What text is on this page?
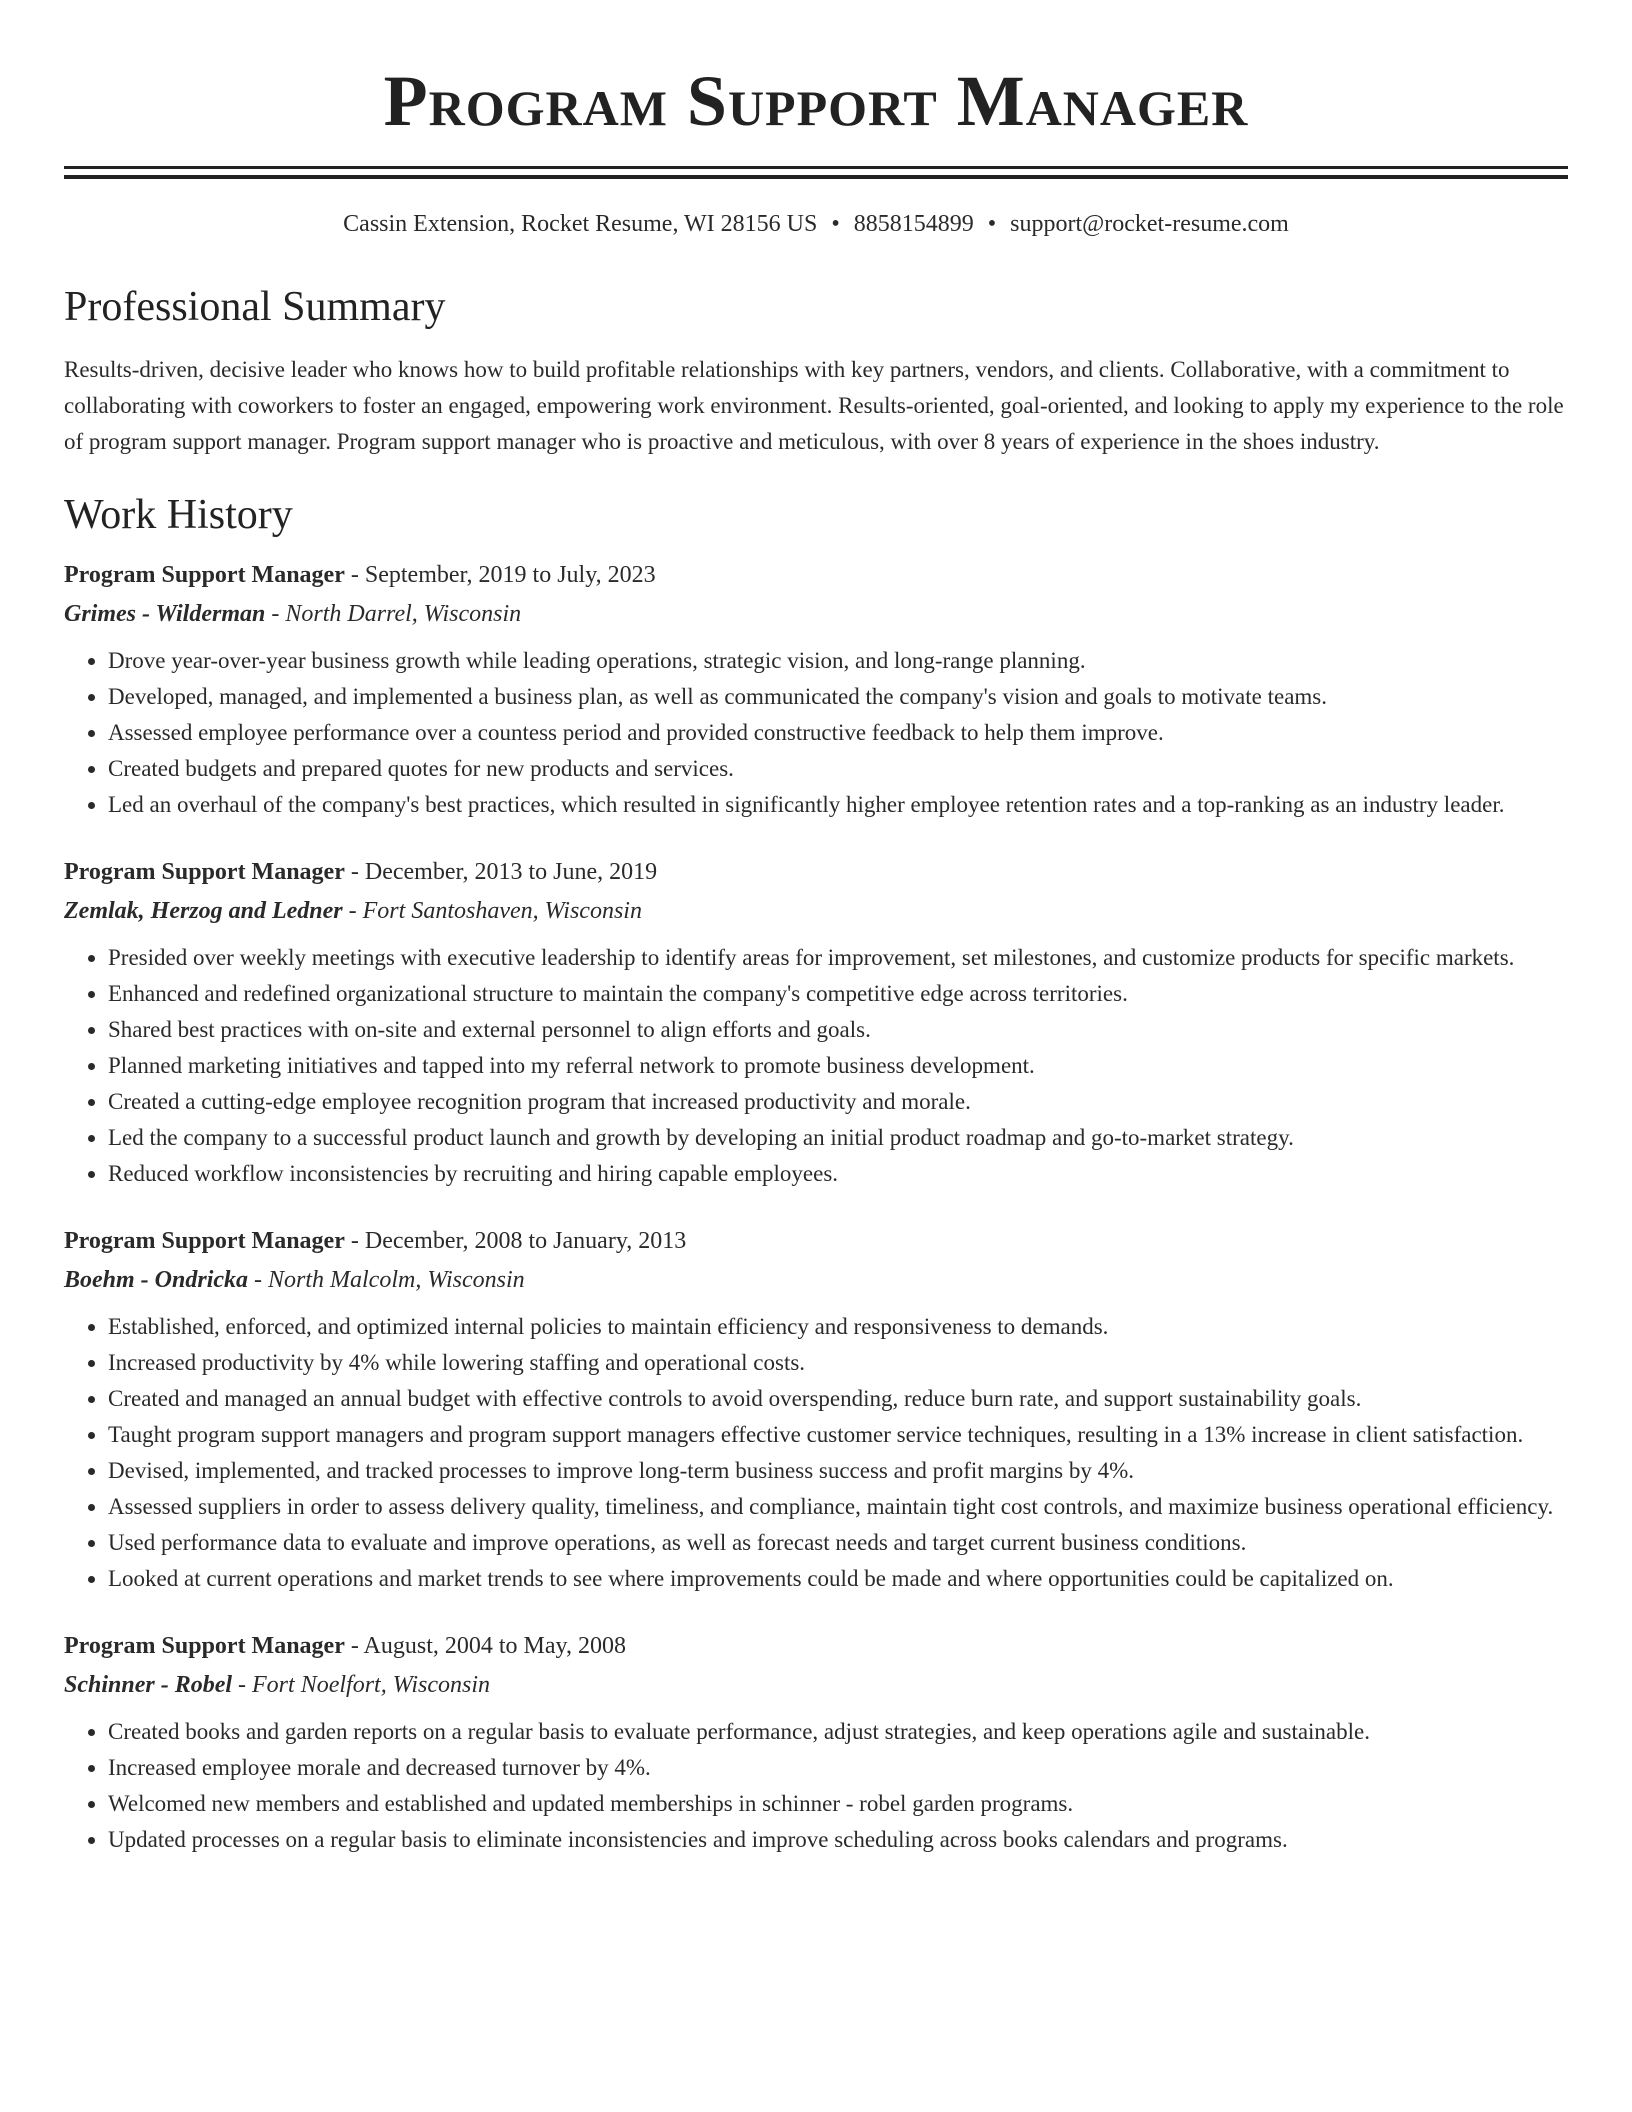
Program Support Manager
Cassin Extension, Rocket Resume, WI 28156 US • 8858154899 • support@rocket-resume.com
Professional Summary

Results-driven, decisive leader who knows how to build profitable relationships with key partners, vendors, and clients. Collaborative, with a commitment to collaborating with coworkers to foster an engaged, empowering work environment. Results-oriented, goal-oriented, and looking to apply my experience to the role of program support manager. Program support manager who is proactive and meticulous, with over 8 years of experience in the shoes industry.

Work History
Program Support Manager - September, 2019 to July, 2023
Grimes - Wilderman - North Darrel, Wisconsin
• Drove year-over-year business growth while leading operations, strategic vision, and long-range planning.
• Developed, managed, and implemented a business plan, as well as communicated the company's vision and goals to motivate teams.
• Assessed employee performance over a countess period and provided constructive feedback to help them improve.
• Created budgets and prepared quotes for new products and services.
• Led an overhaul of the company's best practices, which resulted in significantly higher employee retention rates and a top-ranking as an industry leader.
Program Support Manager - December, 2013 to June, 2019
Zemlak, Herzog and Ledner - Fort Santoshaven, Wisconsin
• Presided over weekly meetings with executive leadership to identify areas for improvement, set milestones, and customize products for specific markets.
• Enhanced and redefined organizational structure to maintain the company's competitive edge across territories.
• Shared best practices with on-site and external personnel to align efforts and goals.
• Planned marketing initiatives and tapped into my referral network to promote business development.
• Created a cutting-edge employee recognition program that increased productivity and morale.
• Led the company to a successful product launch and growth by developing an initial product roadmap and go-to-market strategy.
• Reduced workflow inconsistencies by recruiting and hiring capable employees.
Program Support Manager - December, 2008 to January, 2013
Boehm - Ondricka - North Malcolm, Wisconsin
• Established, enforced, and optimized internal policies to maintain efficiency and responsiveness to demands.
• Increased productivity by 4% while lowering staffing and operational costs.
• Created and managed an annual budget with effective controls to avoid overspending, reduce burn rate, and support sustainability goals.
• Taught program support managers and program support managers effective customer service techniques, resulting in a 13% increase in client satisfaction.
• Devised, implemented, and tracked processes to improve long-term business success and profit margins by 4%.
• Assessed suppliers in order to assess delivery quality, timeliness, and compliance, maintain tight cost controls, and maximize business operational efficiency.
• Used performance data to evaluate and improve operations, as well as forecast needs and target current business conditions.
• Looked at current operations and market trends to see where improvements could be made and where opportunities could be capitalized on.
Program Support Manager - August, 2004 to May, 2008
Schinner - Robel - Fort Noelfort, Wisconsin
• Created books and garden reports on a regular basis to evaluate performance, adjust strategies, and keep operations agile and sustainable.
• Increased employee morale and decreased turnover by 4%.
• Welcomed new members and established and updated memberships in schinner - robel garden programs.
• Updated processes on a regular basis to eliminate inconsistencies and improve scheduling across books calendars and programs.
